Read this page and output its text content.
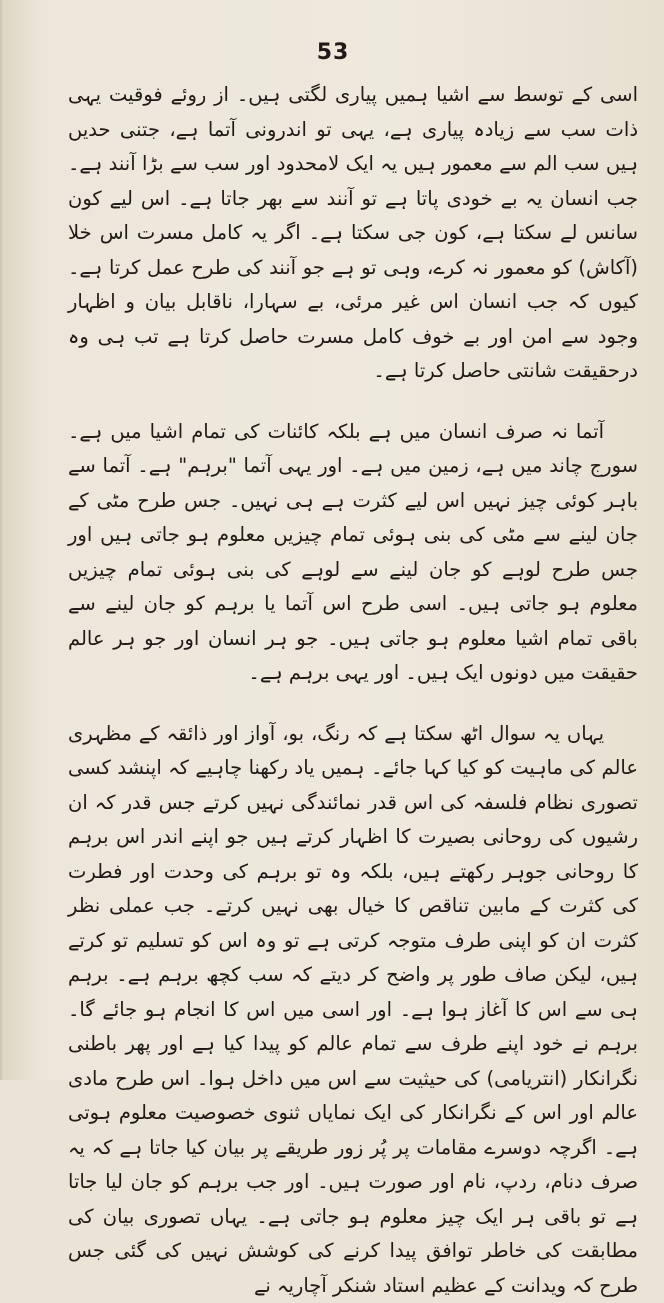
53

اسی کے توسط سے اشیا ہمیں پیاری لگتی ہیں۔ از روئے فوقیت یہی ذات سب سے زیادہ پیاری ہے، یہی تو اندرونی آتما ہے، جتنی حدیں ہیں سب الم سے معمور ہیں یہ ایک لامحدود اور سب سے بڑا آنند ہے۔ جب انسان یہ بے خودی پاتا ہے تو آنند سے بھر جاتا ہے۔ اس لیے کون سانس لے سکتا ہے، کون جی سکتا ہے۔ اگر یہ کامل مسرت اس خلا (آکاش) کو معمور نہ کرے، وہی تو ہے جو آنند کی طرح عمل کرتا ہے۔ کیوں کہ جب انسان اس غیر مرئی، بے سہارا، ناقابل بیان و اظہار وجود سے امن اور بے خوف کامل مسرت حاصل کرتا ہے تب ہی وہ درحقیقت شانتی حاصل کرتا ہے۔

آتما نہ صرف انسان میں ہے بلکہ کائنات کی تمام اشیا میں ہے۔ سورج چاند میں ہے، زمین میں ہے۔ اور یہی آتما "برہم" ہے۔ آتما سے باہر کوئی چیز نہیں اس لیے کثرت ہے ہی نہیں۔ جس طرح مٹی کے جان لینے سے مٹی کی بنی ہوئی تمام چیزیں معلوم ہو جاتی ہیں اور جس طرح لوہے کو جان لینے سے لوہے کی بنی ہوئی تمام چیزیں معلوم ہو جاتی ہیں۔ اسی طرح اس آتما یا برہم کو جان لینے سے باقی تمام اشیا معلوم ہو جاتی ہیں۔ جو ہر انسان اور جو ہر عالم حقیقت میں دونوں ایک ہیں۔ اور یہی برہم ہے۔

یہاں یہ سوال اٹھ سکتا ہے کہ رنگ، بو، آواز اور ذائقہ کے مظہری عالم کی ماہیت کو کیا کہا جائے۔ ہمیں یاد رکھنا چاہیے کہ اپنشد کسی تصوری نظام فلسفہ کی اس قدر نمائندگی نہیں کرتے جس قدر کہ ان رشیوں کی روحانی بصیرت کا اظہار کرتے ہیں جو اپنے اندر اس برہم کا روحانی جوہر رکھتے ہیں، بلکہ وہ تو برہم کی وحدت اور فطرت کی کثرت کے مابین تناقص کا خیال بھی نہیں کرتے۔ جب عملی نظر کثرت ان کو اپنی طرف متوجہ کرتی ہے تو وہ اس کو تسلیم تو کرتے ہیں، لیکن صاف طور پر واضح کر دیتے کہ سب کچھ برہم ہے۔ برہم ہی سے اس کا آغاز ہوا ہے۔ اور اسی میں اس کا انجام ہو جائے گا۔ برہم نے خود اپنے طرف سے تمام عالم کو پیدا کیا ہے اور پھر باطنی نگرانکار (انتریامی) کی حیثیت سے اس میں داخل ہوا۔ اس طرح مادی عالم اور اس کے نگرانکار کی ایک نمایاں ثنوی خصوصیت معلوم ہوتی ہے۔ اگرچہ دوسرے مقامات پر پُر زور طریقے پر بیان کیا جاتا ہے کہ یہ صرف دنام، ردپ، نام اور صورت ہیں۔ اور جب برہم کو جان لیا جاتا ہے تو باقی ہر ایک چیز معلوم ہو جاتی ہے۔ یہاں تصوری بیان کی مطابقت کی خاطر توافق پیدا کرنے کی کوشش نہیں کی گئی جس طرح کہ ویدانت کے عظیم استاد شنکر آچاریہ نے
